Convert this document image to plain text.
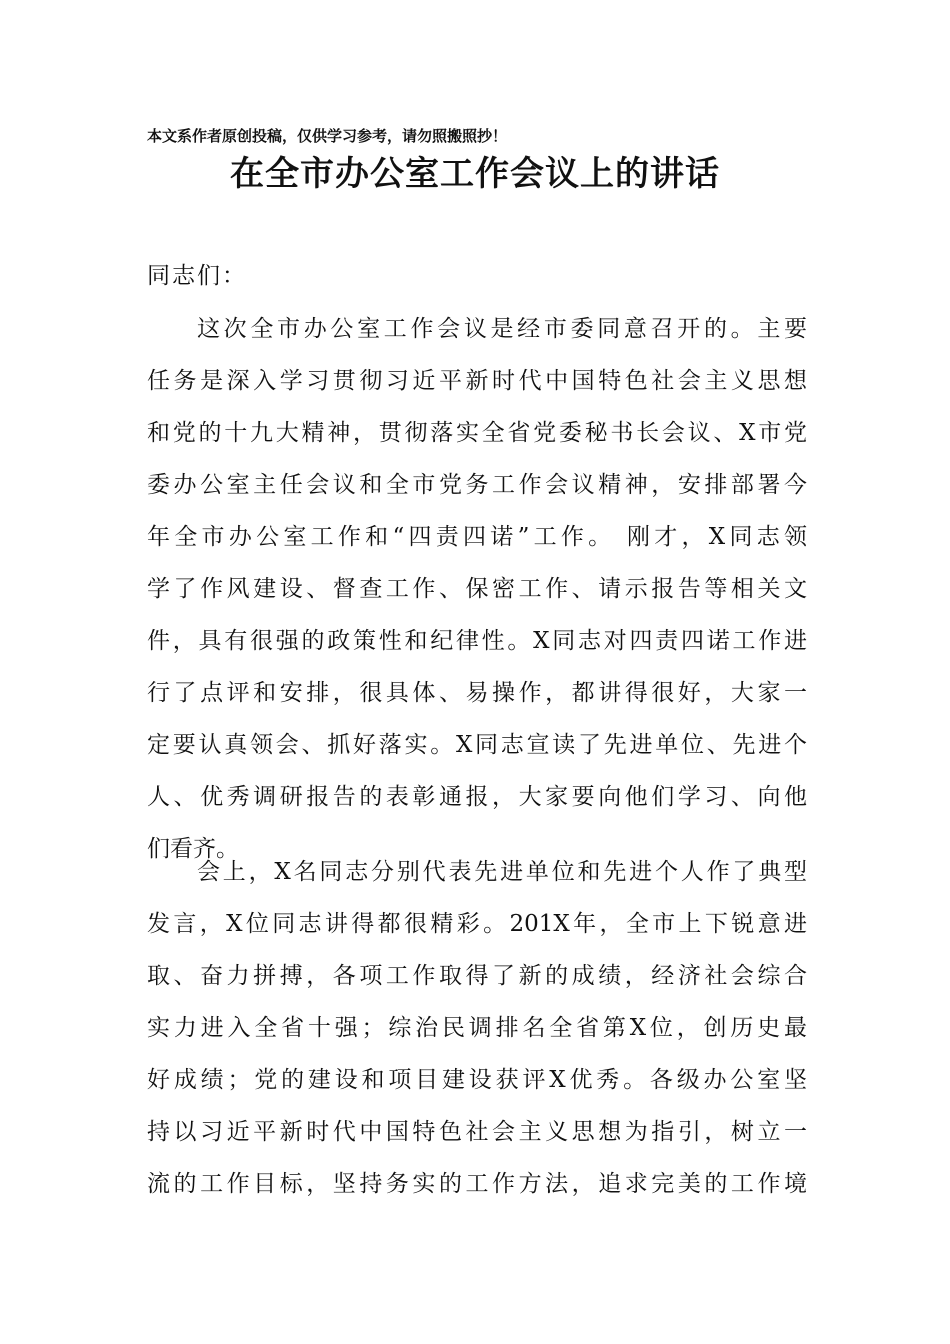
本文系作者原创投稿，仅供学习参考，请勿照搬照抄！
在全市办公室工作会议上的讲话
同志们：
这次全市办公室工作会议是经市委同意召开的。主要
任务是深入学习贯彻习近平新时代中国特色社会主义思想
和党的十九大精神，贯彻落实全省党委秘书长会议、X市党
委办公室主任会议和全市党务工作会议精神，安排部署今
年全市办公室工作和“四责四诺”工作。 刚才，X同志领
学了作风建设、督查工作、保密工作、请示报告等相关文
件，具有很强的政策性和纪律性。X同志对四责四诺工作进
行了点评和安排，很具体、易操作，都讲得很好，大家一
定要认真领会、抓好落实。X同志宣读了先进单位、先进个
人、优秀调研报告的表彰通报，大家要向他们学习、向他
们看齐。
会上，X名同志分别代表先进单位和先进个人作了典型
发言，X位同志讲得都很精彩。201X年，全市上下锐意进
取、奋力拼搏，各项工作取得了新的成绩，经济社会综合
实力进入全省十强；综治民调排名全省第X位，创历史最
好成绩；党的建设和项目建设获评X优秀。各级办公室坚
持以习近平新时代中国特色社会主义思想为指引，树立一
流的工作目标，坚持务实的工作方法，追求完美的工作境
